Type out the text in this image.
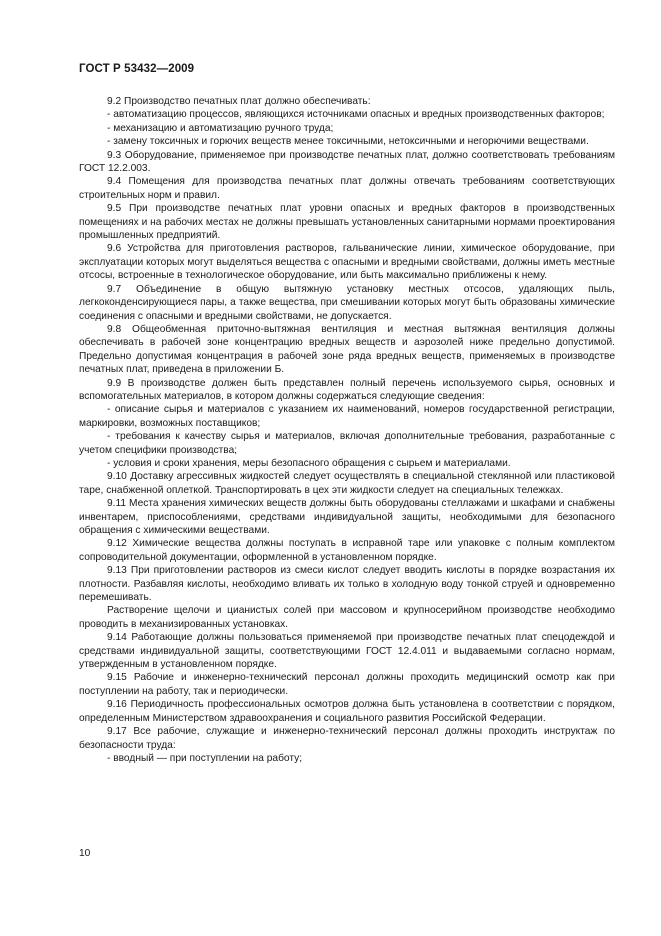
ГОСТ Р 53432—2009

9.2 Производство печатных плат должно обеспечивать:

- автоматизацию процессов, являющихся источниками опасных и вредных производственных факторов;

- механизацию и автоматизацию ручного труда;

- замену токсичных и горючих веществ менее токсичными, нетоксичными и негорючими веществами.

9.3 Оборудование, применяемое при производстве печатных плат, должно соответствовать требованиям ГОСТ 12.2.003.

9.4 Помещения для производства печатных плат должны отвечать требованиям соответствующих строительных норм и правил.

9.5 При производстве печатных плат уровни опасных и вредных факторов в производственных помещениях и на рабочих местах не должны превышать установленных санитарными нормами проектирования промышленных предприятий.

9.6 Устройства для приготовления растворов, гальванические линии, химическое оборудование, при эксплуатации которых могут выделяться вещества с опасными и вредными свойствами, должны иметь местные отсосы, встроенные в технологическое оборудование, или быть максимально приближены к нему.

9.7 Объединение в общую вытяжную установку местных отсосов, удаляющих пыль, легкоконденсирующиеся пары, а также вещества, при смешивании которых могут быть образованы химические соединения с опасными и вредными свойствами, не допускается.

9.8 Общеобменная приточно-вытяжная вентиляция и местная вытяжная вентиляция должны обеспечивать в рабочей зоне концентрацию вредных веществ и аэрозолей ниже предельно допустимой. Предельно допустимая концентрация в рабочей зоне ряда вредных веществ, применяемых в производстве печатных плат, приведена в приложении Б.

9.9 В производстве должен быть представлен полный перечень используемого сырья, основных и вспомогательных материалов, в котором должны содержаться следующие сведения:

- описание сырья и материалов с указанием их наименований, номеров государственной регистрации, маркировки, возможных поставщиков;

- требования к качеству сырья и материалов, включая дополнительные требования, разработанные с учетом специфики производства;

- условия и сроки хранения, меры безопасного обращения с сырьем и материалами.

9.10 Доставку агрессивных жидкостей следует осуществлять в специальной стеклянной или пластиковой таре, снабженной оплеткой. Транспортировать в цех эти жидкости следует на специальных тележках.

9.11 Места хранения химических веществ должны быть оборудованы стеллажами и шкафами и снабжены инвентарем, приспособлениями, средствами индивидуальной защиты, необходимыми для безопасного обращения с химическими веществами.

9.12 Химические вещества должны поступать в исправной таре или упаковке с полным комплектом сопроводительной документации, оформленной в установленном порядке.

9.13 При приготовлении растворов из смеси кислот следует вводить кислоты в порядке возрастания их плотности. Разбавляя кислоты, необходимо вливать их только в холодную воду тонкой струей и одновременно перемешивать.

Растворение щелочи и цианистых солей при массовом и крупносерийном производстве необходимо проводить в механизированных установках.

9.14 Работающие должны пользоваться применяемой при производстве печатных плат спецодеждой и средствами индивидуальной защиты, соответствующими ГОСТ 12.4.011 и выдаваемыми согласно нормам, утвержденным в установленном порядке.

9.15 Рабочие и инженерно-технический персонал должны проходить медицинский осмотр как при поступлении на работу, так и периодически.

9.16 Периодичность профессиональных осмотров должна быть установлена в соответствии с порядком, определенным Министерством здравоохранения и социального развития Российской Федерации.

9.17 Все рабочие, служащие и инженерно-технический персонал должны проходить инструктаж по безопасности труда:

- вводный — при поступлении на работу;

10
